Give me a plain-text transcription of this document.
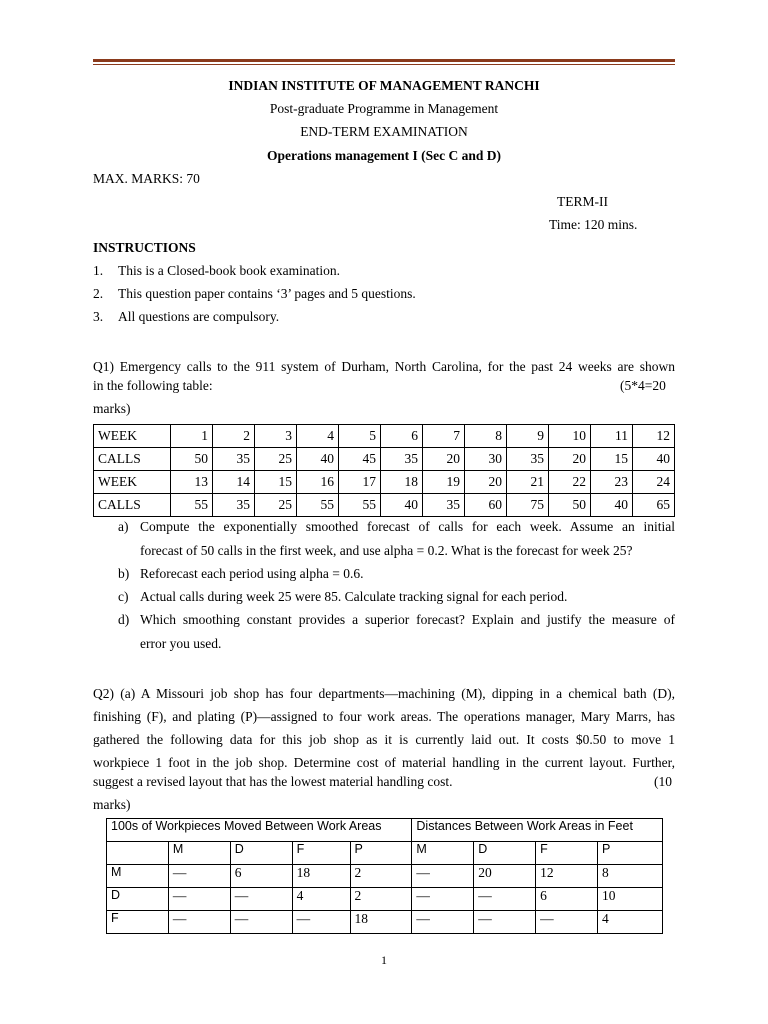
INDIAN INSTITUTE OF MANAGEMENT RANCHI
Post-graduate Programme in Management
END-TERM EXAMINATION
Operations management I (Sec C and D)
MAX. MARKS: 70
TERM-II
Time: 120 mins.
INSTRUCTIONS
1. This is a Closed-book book examination.
2. This question paper contains ‘3’ pages and 5 questions.
3. All questions are compulsory.
Q1) Emergency calls to the 911 system of Durham, North Carolina, for the past 24 weeks are shown
in the following table:	(5*4=20
marks)
WEEK	1	2	3	4	5	6	7	8	9	10	11	12
CALLS	50	35	25	40	45	35	20	30	35	20	15	40
WEEK	13	14	15	16	17	18	19	20	21	22	23	24
CALLS	55	35	25	55	55	40	35	60	75	50	40	65
a) Compute the exponentially smoothed forecast of calls for each week. Assume an initial
forecast of 50 calls in the first week, and use alpha = 0.2. What is the forecast for week 25?
b) Reforecast each period using alpha = 0.6.
c) Actual calls during week 25 were 85. Calculate tracking signal for each period.
d) Which smoothing constant provides a superior forecast? Explain and justify the measure of
error you used.
Q2) (a) A Missouri job shop has four departments—machining (M), dipping in a chemical bath (D),
finishing (F), and plating (P)—assigned to four work areas. The operations manager, Mary Marrs, has
gathered the following data for this job shop as it is currently laid out. It costs $0.50 to move 1
workpiece 1 foot in the job shop. Determine cost of material handling in the current layout. Further,
suggest a revised layout that has the lowest material handling cost.	(10
marks)
100s of Workpieces Moved Between Work Areas					Distances Between Work Areas in Feet			
	M	D	F	P	M	D	F	P
M	—	6	18	2	—	20	12	8
D	—	—	4	2	—	—	6	10
F	—	—	—	18	—	—	—	4
1
